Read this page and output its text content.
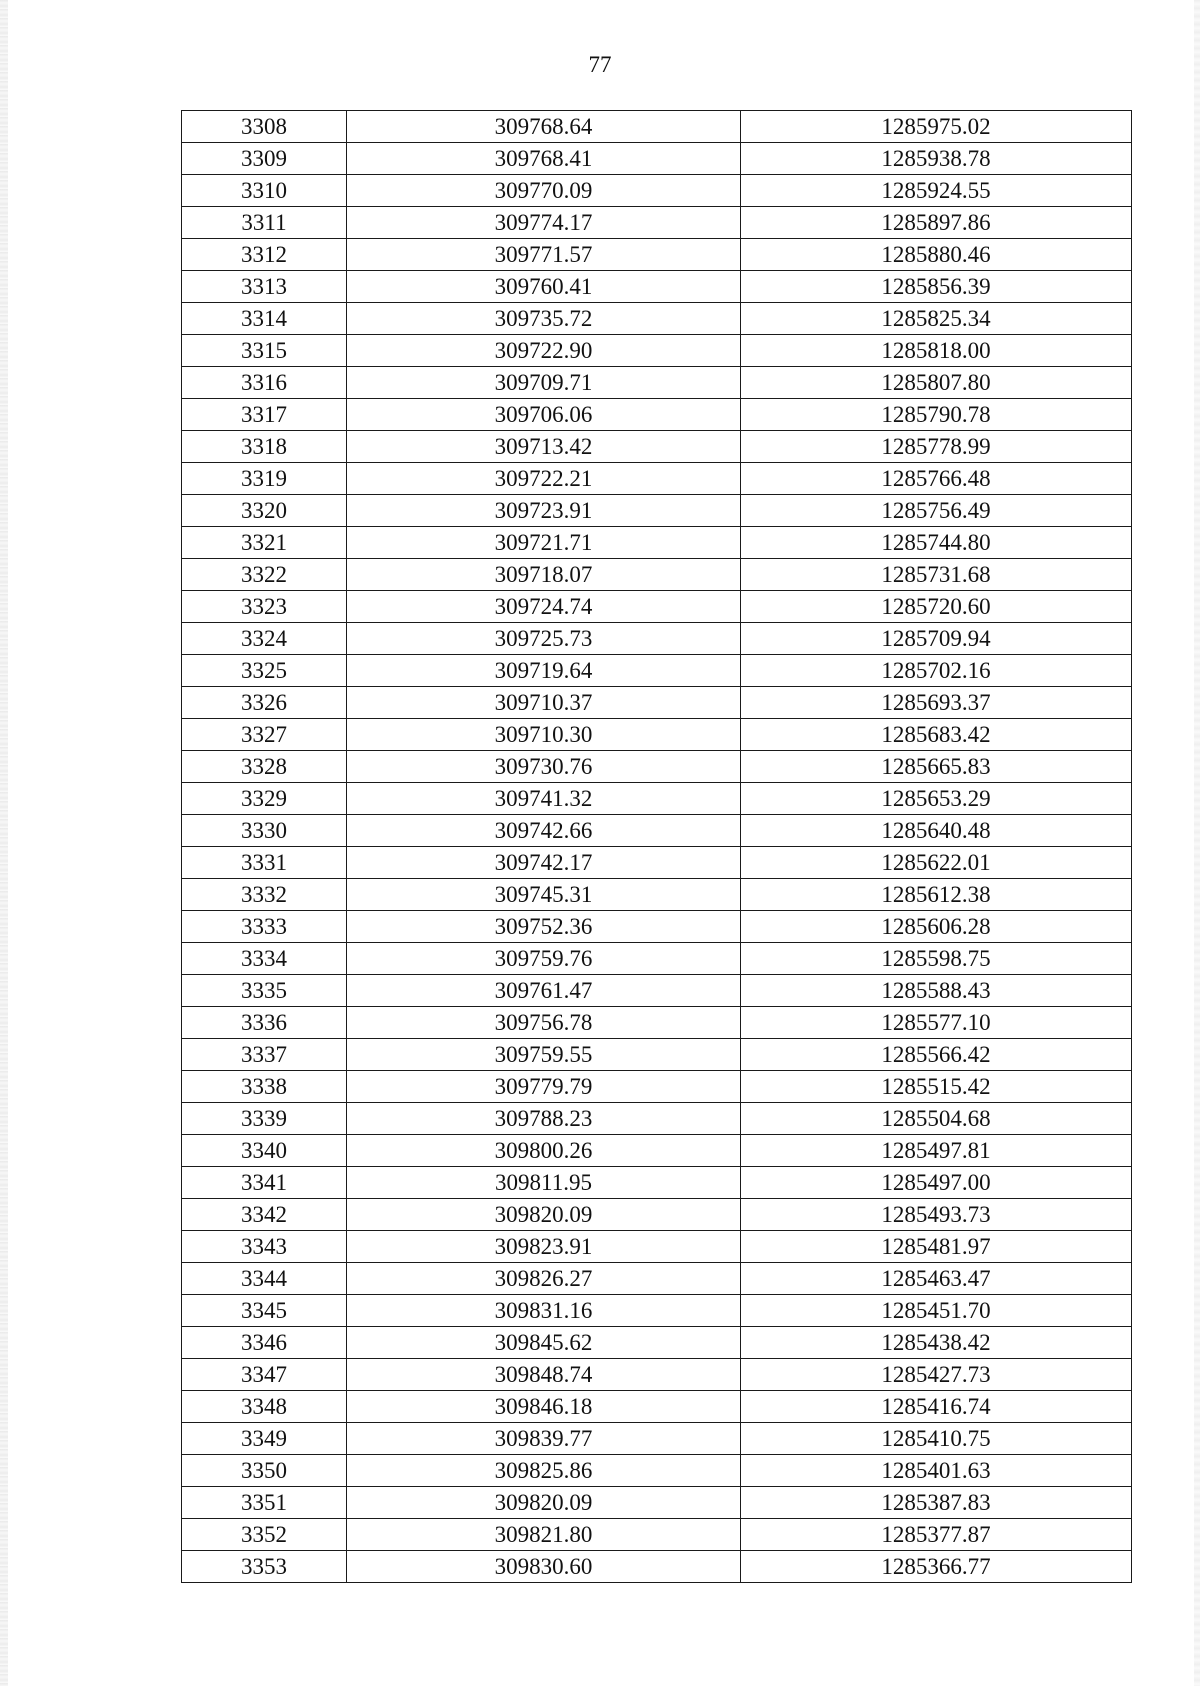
77
3308	309768.64	1285975.02
3309	309768.41	1285938.78
3310	309770.09	1285924.55
3311	309774.17	1285897.86
3312	309771.57	1285880.46
3313	309760.41	1285856.39
3314	309735.72	1285825.34
3315	309722.90	1285818.00
3316	309709.71	1285807.80
3317	309706.06	1285790.78
3318	309713.42	1285778.99
3319	309722.21	1285766.48
3320	309723.91	1285756.49
3321	309721.71	1285744.80
3322	309718.07	1285731.68
3323	309724.74	1285720.60
3324	309725.73	1285709.94
3325	309719.64	1285702.16
3326	309710.37	1285693.37
3327	309710.30	1285683.42
3328	309730.76	1285665.83
3329	309741.32	1285653.29
3330	309742.66	1285640.48
3331	309742.17	1285622.01
3332	309745.31	1285612.38
3333	309752.36	1285606.28
3334	309759.76	1285598.75
3335	309761.47	1285588.43
3336	309756.78	1285577.10
3337	309759.55	1285566.42
3338	309779.79	1285515.42
3339	309788.23	1285504.68
3340	309800.26	1285497.81
3341	309811.95	1285497.00
3342	309820.09	1285493.73
3343	309823.91	1285481.97
3344	309826.27	1285463.47
3345	309831.16	1285451.70
3346	309845.62	1285438.42
3347	309848.74	1285427.73
3348	309846.18	1285416.74
3349	309839.77	1285410.75
3350	309825.86	1285401.63
3351	309820.09	1285387.83
3352	309821.80	1285377.87
3353	309830.60	1285366.77
